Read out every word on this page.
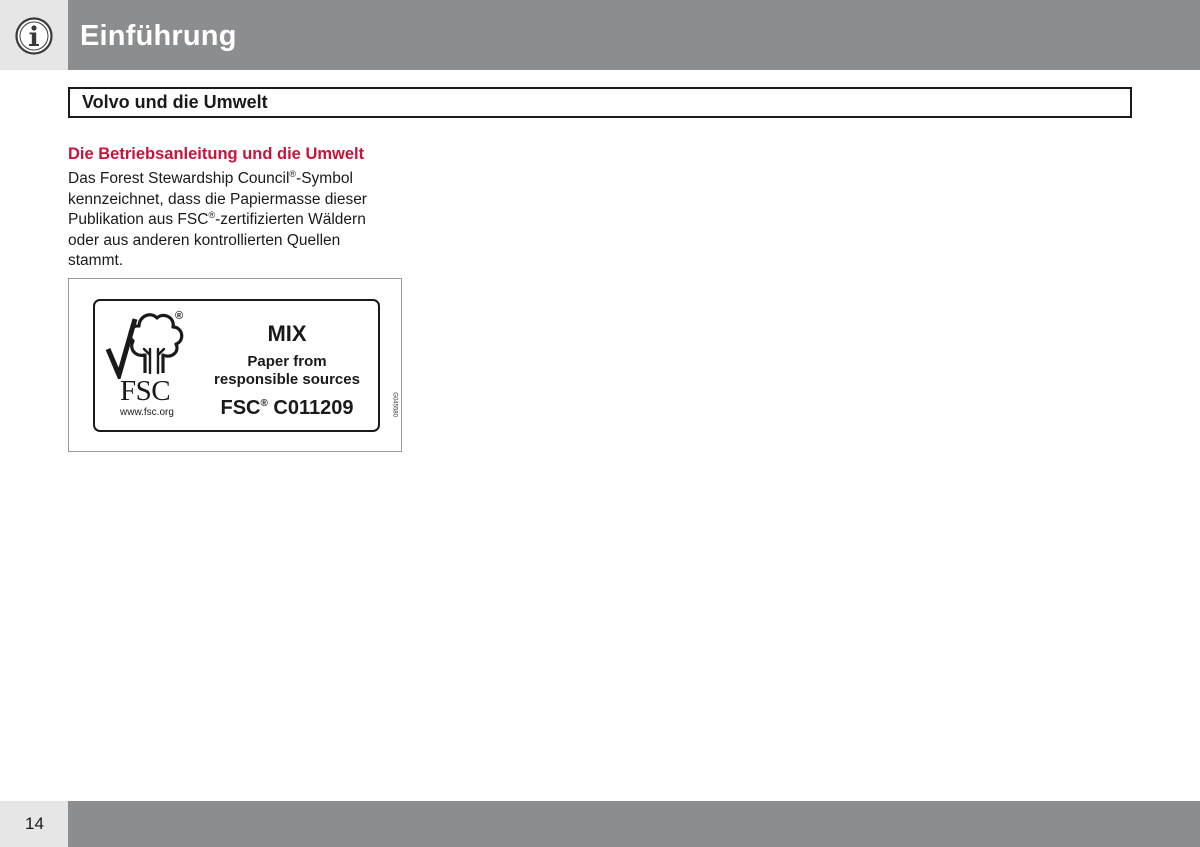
Einführung
Volvo und die Umwelt
Die Betriebsanleitung und die Umwelt

Das Forest Stewardship Council®-Symbol kennzeichnet, dass die Papiermasse dieser Publikation aus FSC®-zertifizierten Wäldern oder aus anderen kontrollierten Quellen stammt.

®
FSC
www.fsc.org
MIX
Paper from
responsible sources
FSC® C011209	G045580
14
